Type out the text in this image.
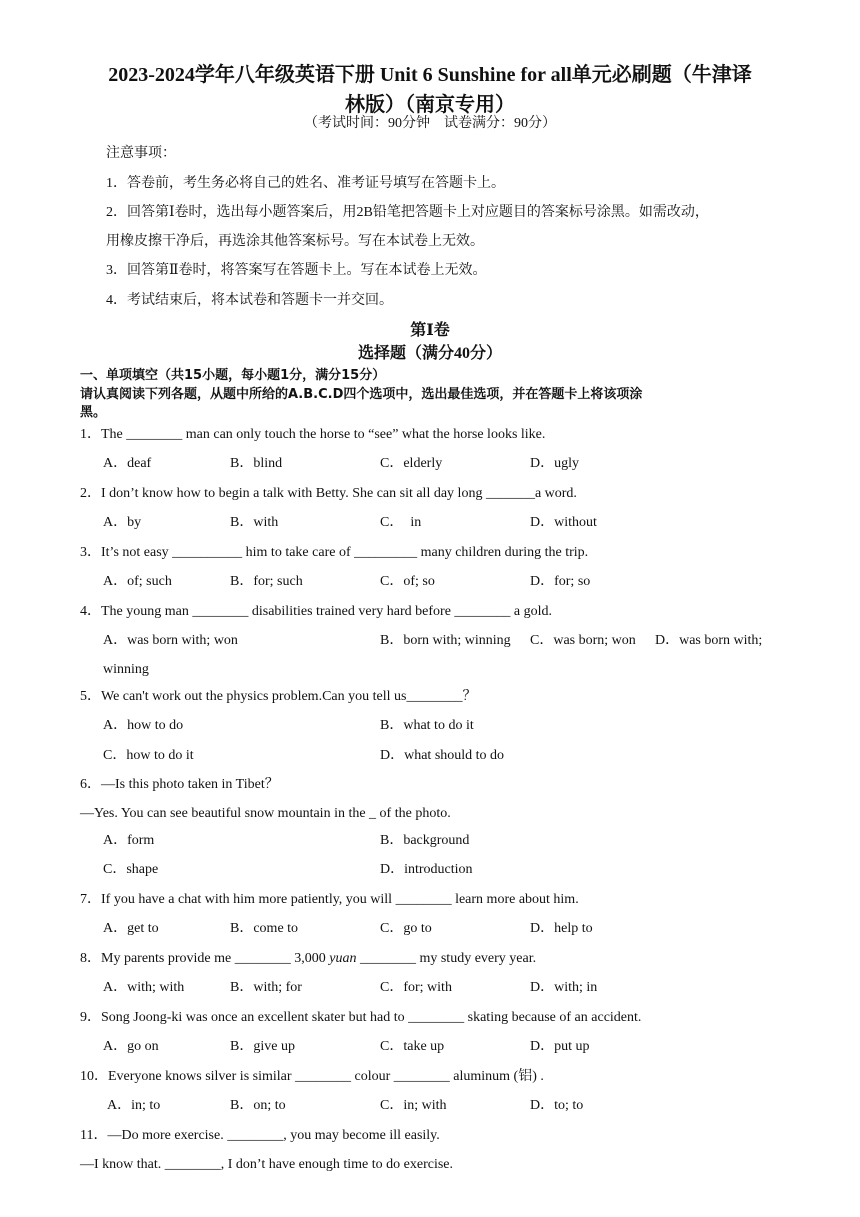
2023-2024学年八年级英语下册 Unit 6 Sunshine for all单元必刷题（牛津译
林版）（南京专用）
（考试时间：90分钟　试卷满分：90分）
注意事项：
1．答卷前，考生务必将自己的姓名、准考证号填写在答题卡上。
2．回答第Ⅰ卷时，选出每小题答案后，用2B铅笔把答题卡上对应题目的答案标号涂黑。如需改动，
用橡皮擦干净后，再选涂其他答案标号。写在本试卷上无效。
3．回答第Ⅱ卷时，将答案写在答题卡上。写在本试卷上无效。
4．考试结束后，将本试卷和答题卡一并交回。
第Ⅰ卷
选择题（满分40分）
一、单项填空（共15小题，每小题1分，满分15分）
请认真阅读下列各题，从题中所给的A.B.C.D四个选项中，选出最佳选项，并在答题卡上将该项涂
黑。
1．The ________ man can only touch the horse to “see” what the horse looks like.
A．deaf	B．blind	C．elderly	D．ugly
2．I don’t know how to begin a talk with Betty. She can sit all day long _______a word.
A．by	B．with	C．　in	D．without
3．It’s not easy __________ him to take care of _________ many children during the trip.
A．of; such	B．for; such	C．of; so	D．for; so
4．The young man ________ disabilities trained very hard before ________ a gold.
A．was born with; won	B．born with; winning C．was born; won D．was born with;
winning
5．We can't work out the physics problem.Can you tell us________？
A．how to do	B．what to do it
C．how to do it	D．what should to do
6．—Is this photo taken in Tibet？
—Yes. You can see beautiful snow mountain in the _ of the photo.
A．form	B．background
C．shape	D．introduction
7．If you have a chat with him more patiently, you will ________ learn more about him.
A．get to	B．come to	C．go to	D．help to
8．My parents provide me ________ 3,000 yuan ________ my study every year.
A．with; with	B．with; for	C．for; with	D．with; in
9．Song Joong-ki was once an excellent skater but had to ________ skating because of an accident.
A．go on	B．give up	C．take up	D．put up
10．Everyone knows silver is similar ________ colour ________ aluminum (铝) .
A．in; to	B．on; to	C．in; with	D．to; to
11．—Do more exercise. ________, you may become ill easily.
—I know that. ________, I don’t have enough time to do exercise.
